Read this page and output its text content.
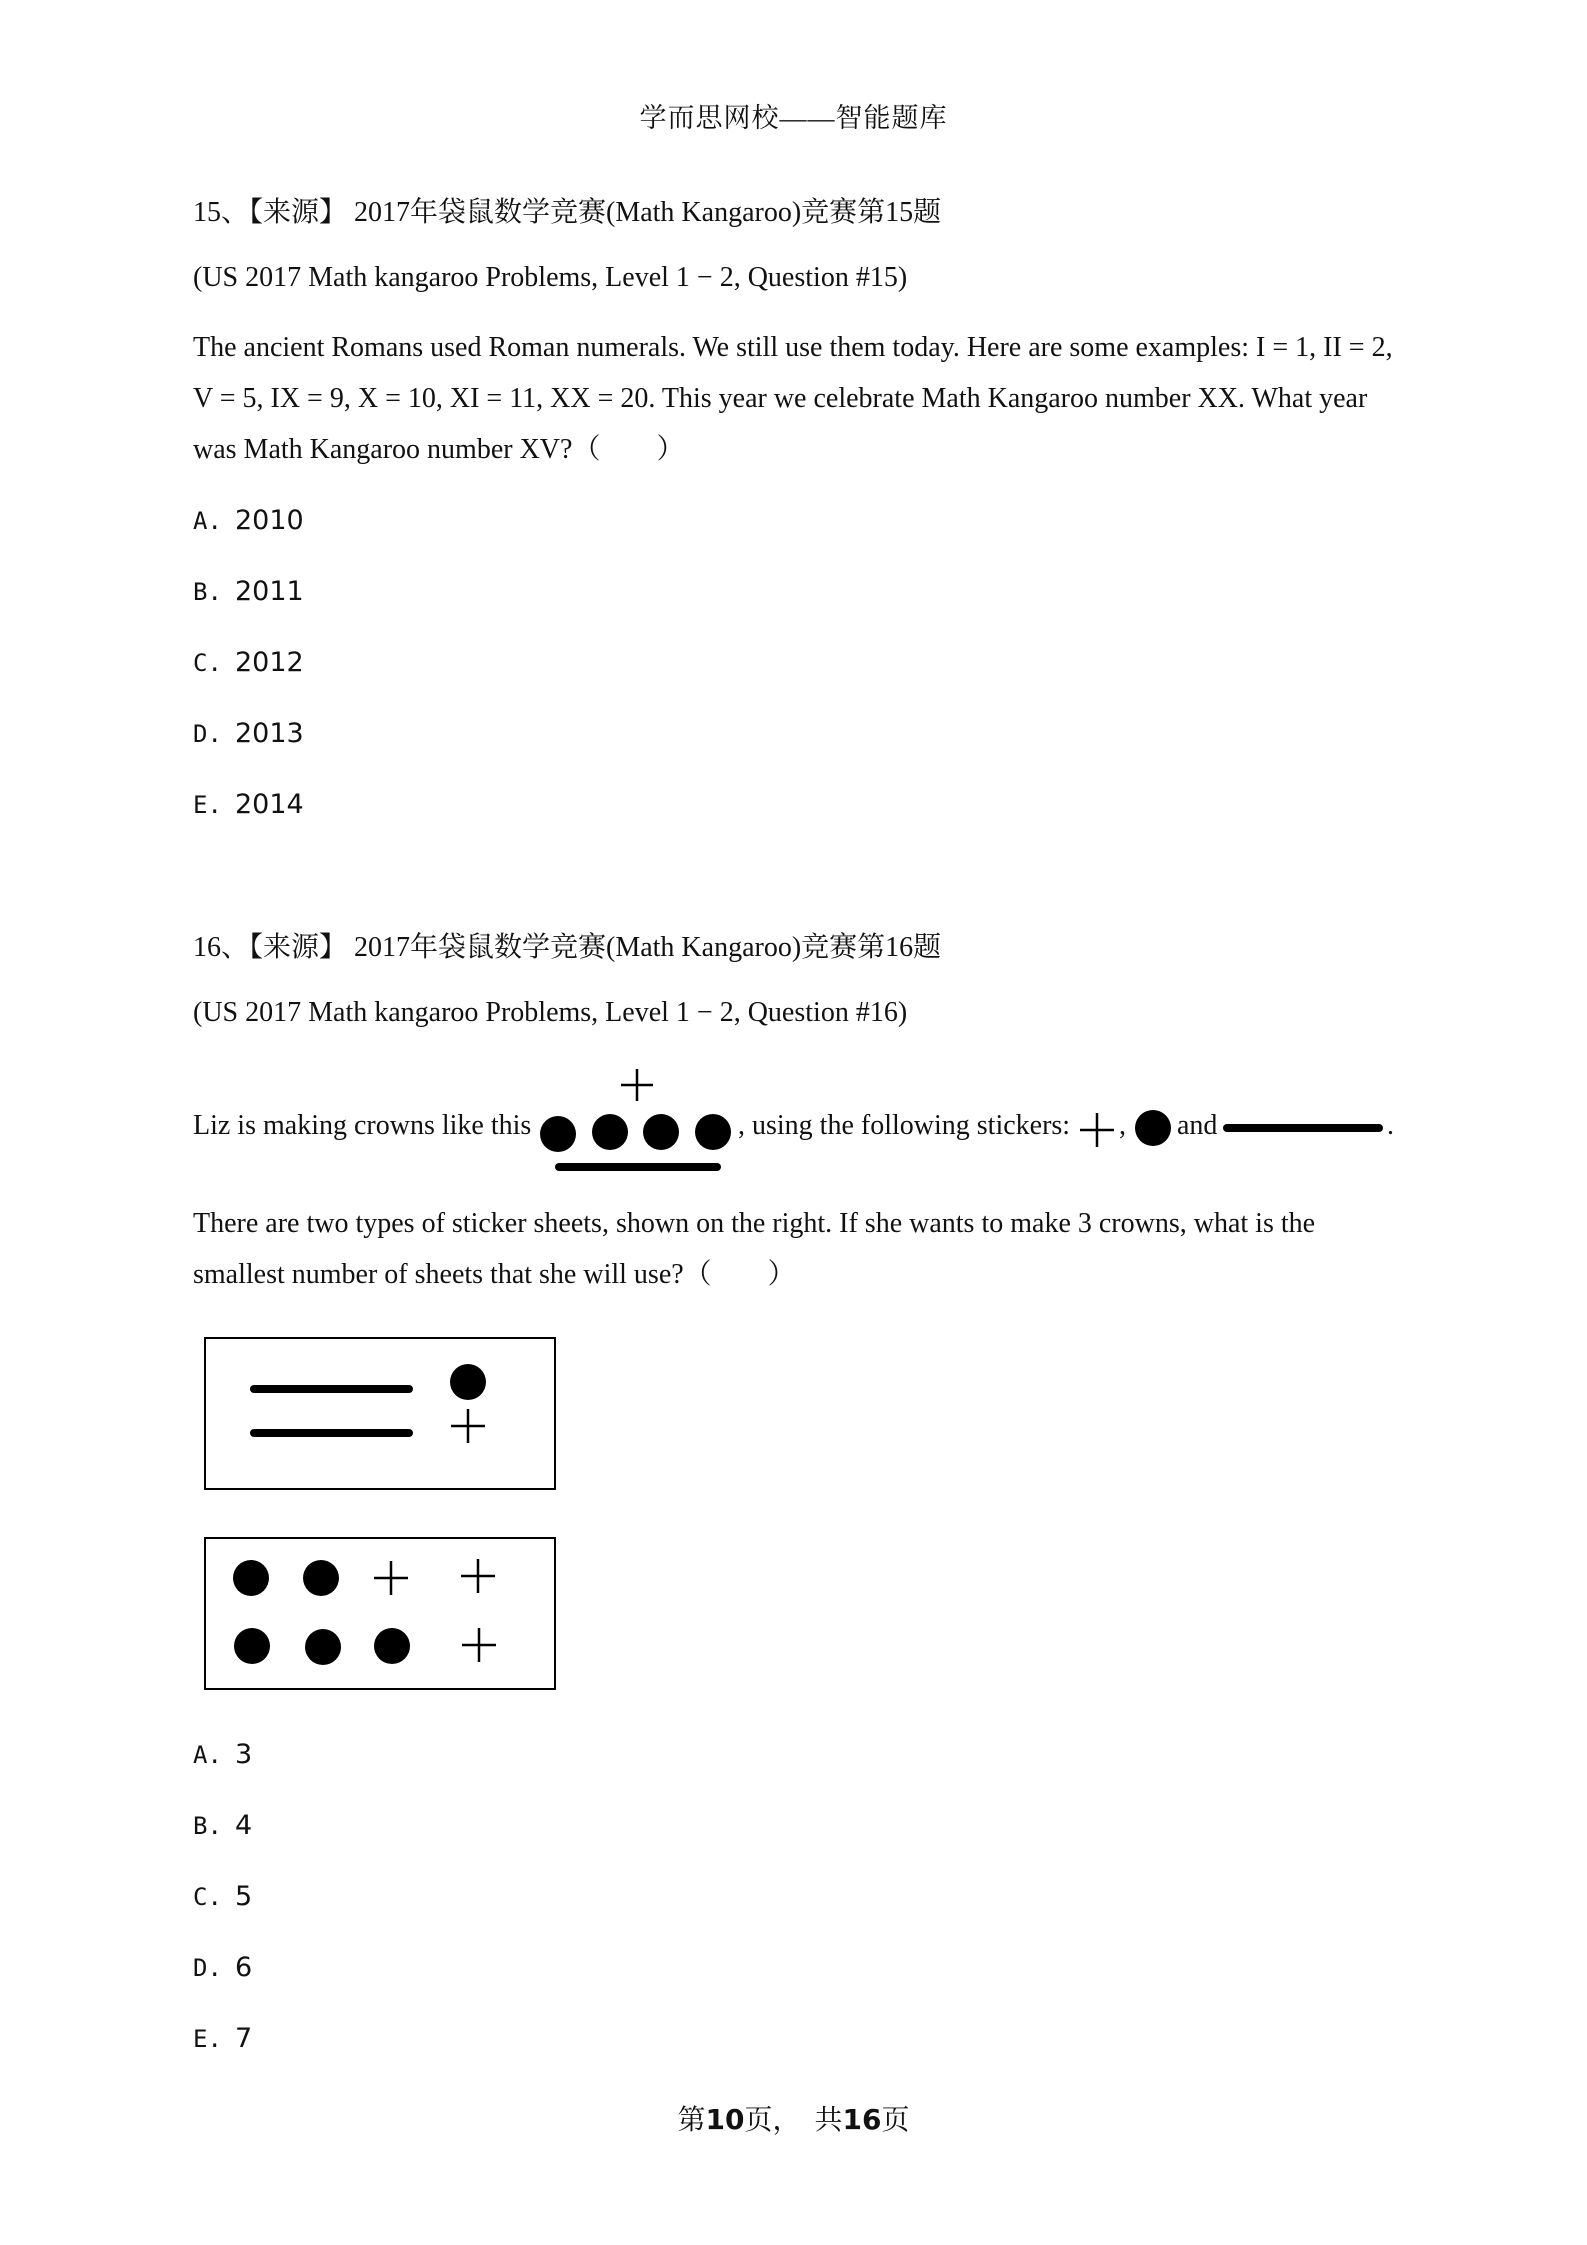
学而思网校——智能题库
15、【来源】 2017年袋鼠数学竞赛(Math Kangaroo)竞赛第15题
(US 2017 Math kangaroo Problems, Level 1 − 2, Question #15)
The ancient Romans used Roman numerals. We still use them today. Here are some examples: I = 1, II = 2, V = 5, IX = 9, X = 10, XI = 11, XX = 20. This year we celebrate Math Kangaroo number XX. What year was Math Kangaroo number XV?（　　）
A. 2010
B. 2011
C. 2012
D. 2013
E. 2014
16、【来源】 2017年袋鼠数学竞赛(Math Kangaroo)竞赛第16题
(US 2017 Math kangaroo Problems, Level 1 − 2, Question #16)
Liz is making crowns like this	, using the following stickers: , and	.
There are two types of sticker sheets, shown on the right. If she wants to make 3 crowns, what is the smallest number of sheets that she will use?（　　）
A. 3
B. 4
C. 5
D. 6
E. 7
第10页，　共16页
